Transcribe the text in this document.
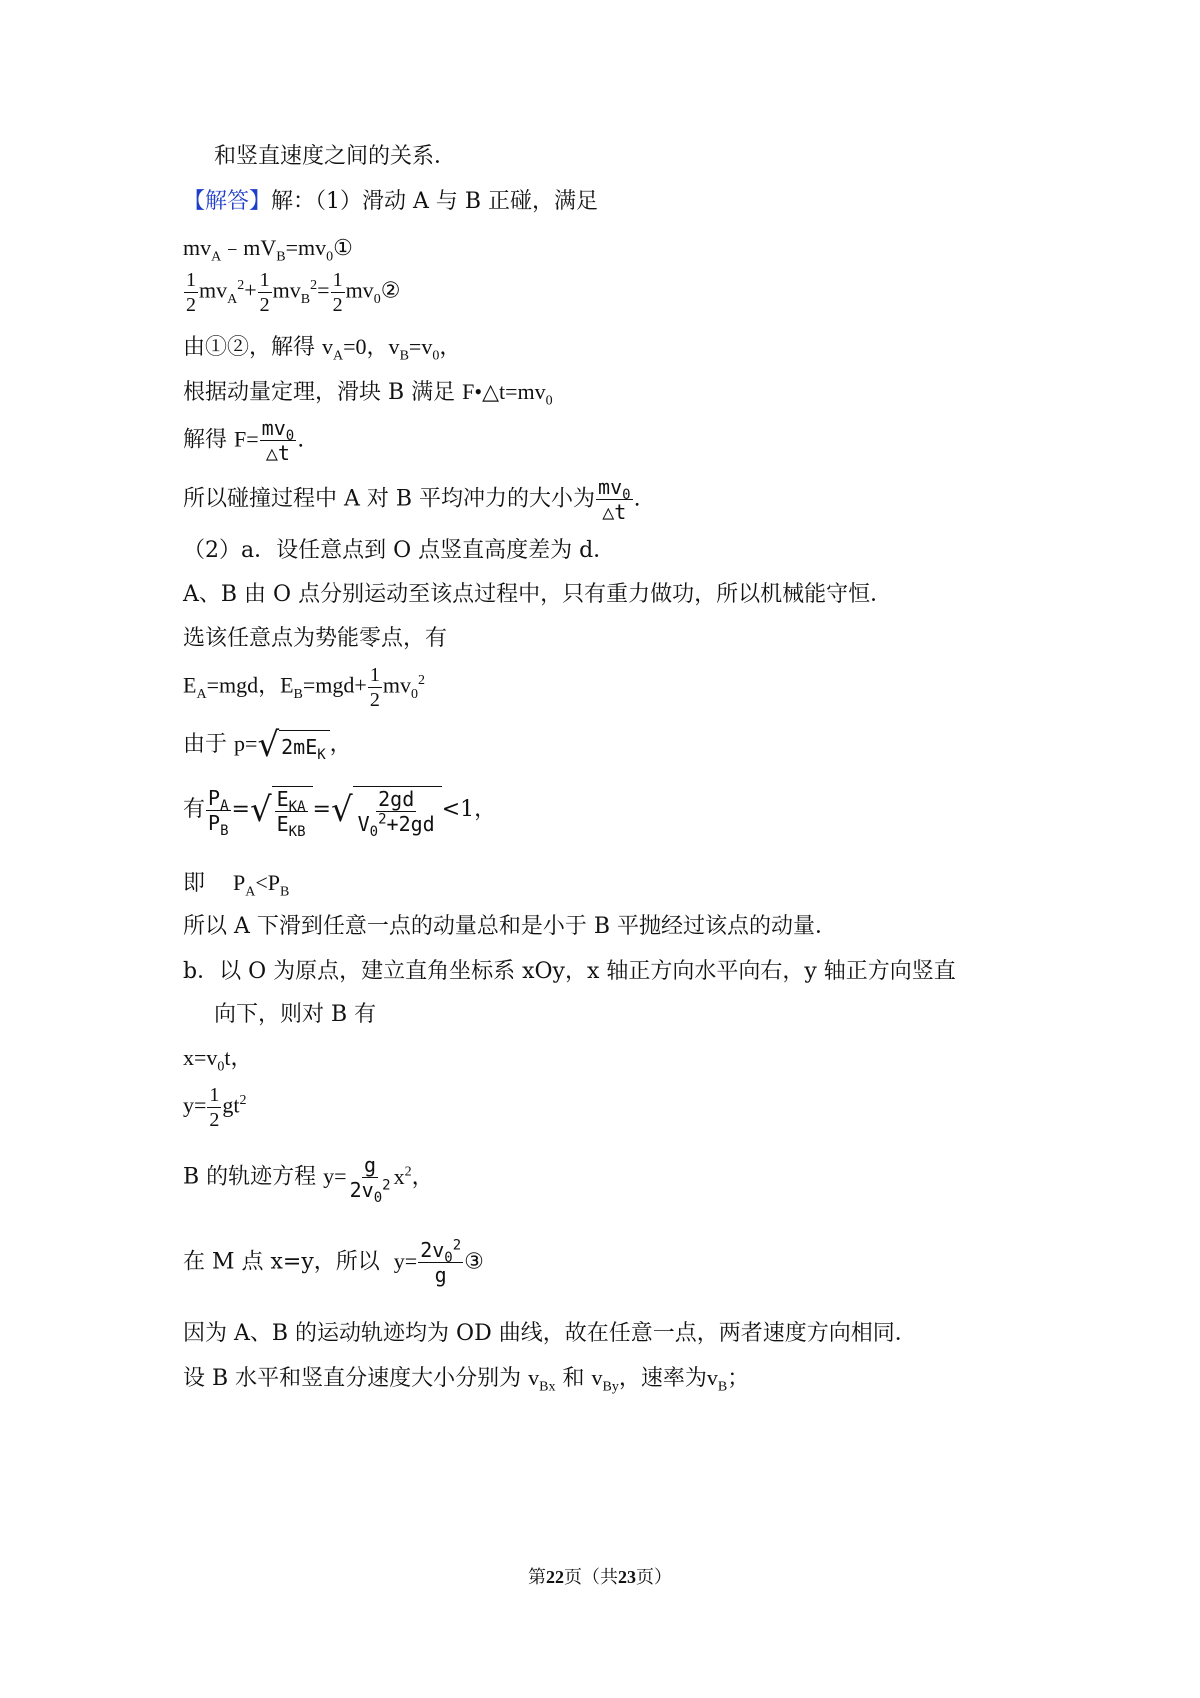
和竖直速度之间的关系．
【解答】解：（1）滑动 A 与 B 正碰，满足
$mv_A﹣mV_B=mv_0①$
$\frac{1}{2} mv_A^2+ \frac{1}{2} mv_B^2= \frac{1}{2}$ $mv_0②$
由①②，解得 $v_A=0$，$v_B=v_0$，
根据动量定理，滑块 B 满足 $F•\triangle t=mv_0$
解得 $F= \frac{mv_0}{\triangle t}$ .
所以碰撞过程中 A 对 B 平均冲力的大小为 $\frac{mv_0}{\triangle t}$ .
（2）a．设任意点到 O 点竖直高度差为 d．
A、B 由 O 点分别运动至该点过程中，只有重力做功，所以机械能守恒．
选该任意点为势能零点，有
$E_A=mgd$，$E_B=mgd+ \frac{1}{2} mv_0^2$
由于 p= √ $2mE_K$ ，
有 $\frac{P_A}{P_B}$ = √ $\frac{E_{KA}}{E_{KB}}$ = √ $\frac{2gd}{V_0^2+2gd} <1$，
即 $P_A<P_B$
所以 A 下滑到任意一点的动量总和是小于 B 平抛经过该点的动量．
b．以 O 为原点，建立直角坐标系 xOy，x 轴正方向水平向右，y 轴正方向竖直
向下，则对 B 有
$x=v_0t$，
$y= \frac{1}{2} gt^2$
B 的轨迹方程 $y= \frac{g}{2v_0^2} x^2$，
在 M 点 x=y，所以 $y= \frac{2v_0^2}{g}$ ③
因为 A、B 的运动轨迹均为 OD 曲线，故在任意一点，两者速度方向相同．
设 B 水平和竖直分速度大小分别为 $v_{Bx}$ 和 $v_{By}$，速率为$v_B$；
第22页（共23页）
